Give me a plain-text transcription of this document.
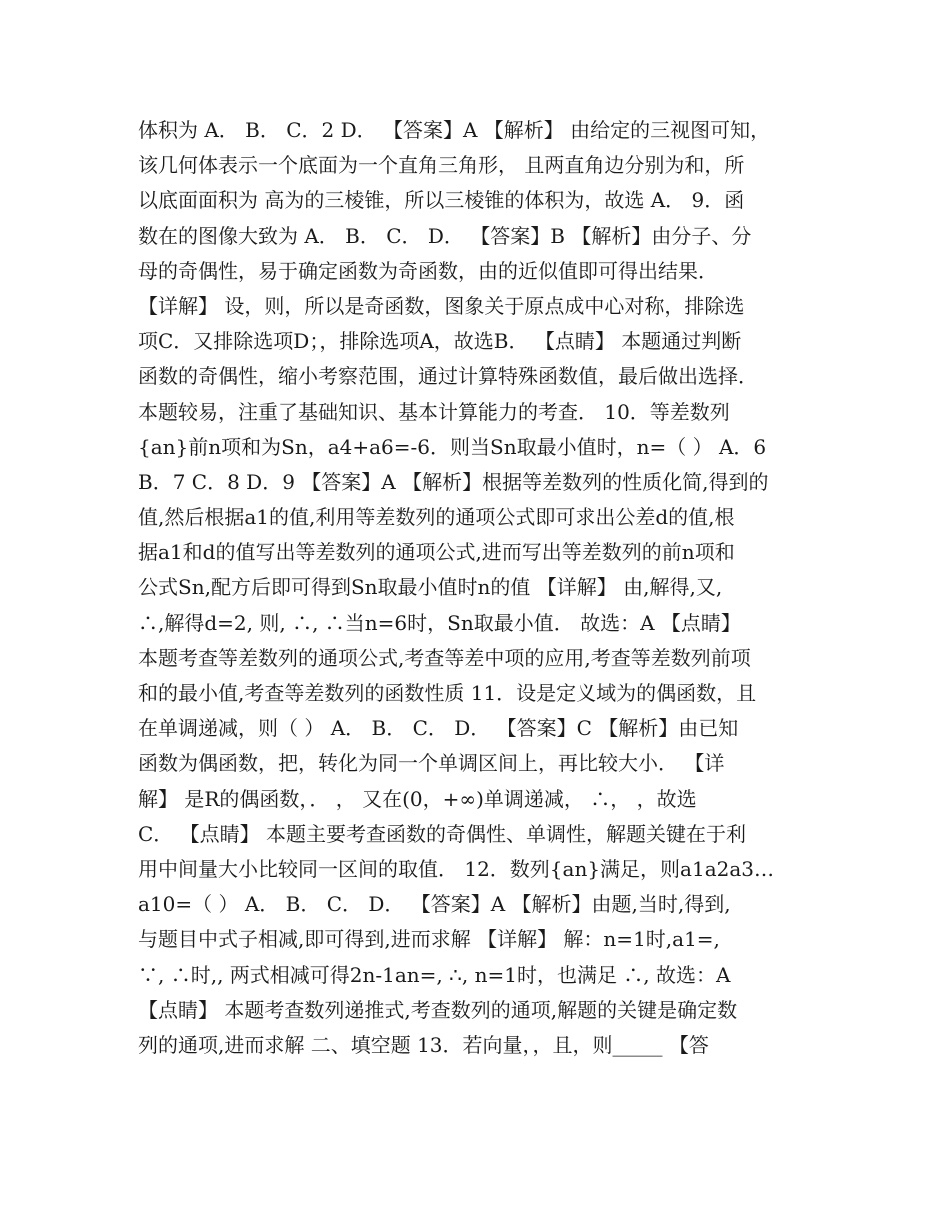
体积为 A． B． C．2 D． 【答案】A 【解析】 由给定的三视图可知，
该几何体表示一个底面为一个直角三角形， 且两直角边分别为和，所
以底面面积为 高为的三棱锥，所以三棱锥的体积为，故选 A． 9．函
数在的图像大致为 A． B． C． D． 【答案】B 【解析】由分子、分
母的奇偶性，易于确定函数为奇函数，由的近似值即可得出结果．
【详解】 设，则，所以是奇函数，图象关于原点成中心对称，排除选
项C．又排除选项D；，排除选项A，故选B． 【点睛】 本题通过判断
函数的奇偶性，缩小考察范围，通过计算特殊函数值，最后做出选择．
本题较易，注重了基础知识、基本计算能力的考查． 10．等差数列
{an}前n项和为Sn，a4+a6=-6．则当Sn取最小值时，n=（ ） A．6
B．7 C．8 D．9 【答案】A 【解析】根据等差数列的性质化简,得到的
值,然后根据a1的值,利用等差数列的通项公式即可求出公差d的值,根
据a1和d的值写出等差数列的通项公式,进而写出等差数列的前n项和
公式Sn,配方后即可得到Sn取最小值时n的值 【详解】 由,解得,又,
∴,解得d=2, 则, ∴, ∴当n=6时，Sn取最小值． 故选：A 【点睛】
本题考查等差数列的通项公式,考查等差中项的应用,考查等差数列前项
和的最小值,考查等差数列的函数性质 11．设是定义域为的偶函数，且
在单调递减，则（ ） A． B． C． D． 【答案】C 【解析】由已知
函数为偶函数，把，转化为同一个单调区间上，再比较大小． 【详
解】 是R的偶函数，． ， 又在(0，+∞)单调递减， ∴， ，故选
C． 【点睛】 本题主要考查函数的奇偶性、单调性，解题关键在于利
用中间量大小比较同一区间的取值． 12．数列{an}满足，则a1a2a3…
a10=（ ） A． B． C． D． 【答案】A 【解析】由题,当时,得到,
与题目中式子相减,即可得到,进而求解 【详解】 解：n=1时,a1=,
∵, ∴时,, 两式相减可得2n-1an=, ∴, n=1时，也满足 ∴, 故选：A
【点睛】 本题考查数列递推式,考查数列的通项,解题的关键是确定数
列的通项,进而求解 二、填空题 13．若向量，，且，则_____ 【答
